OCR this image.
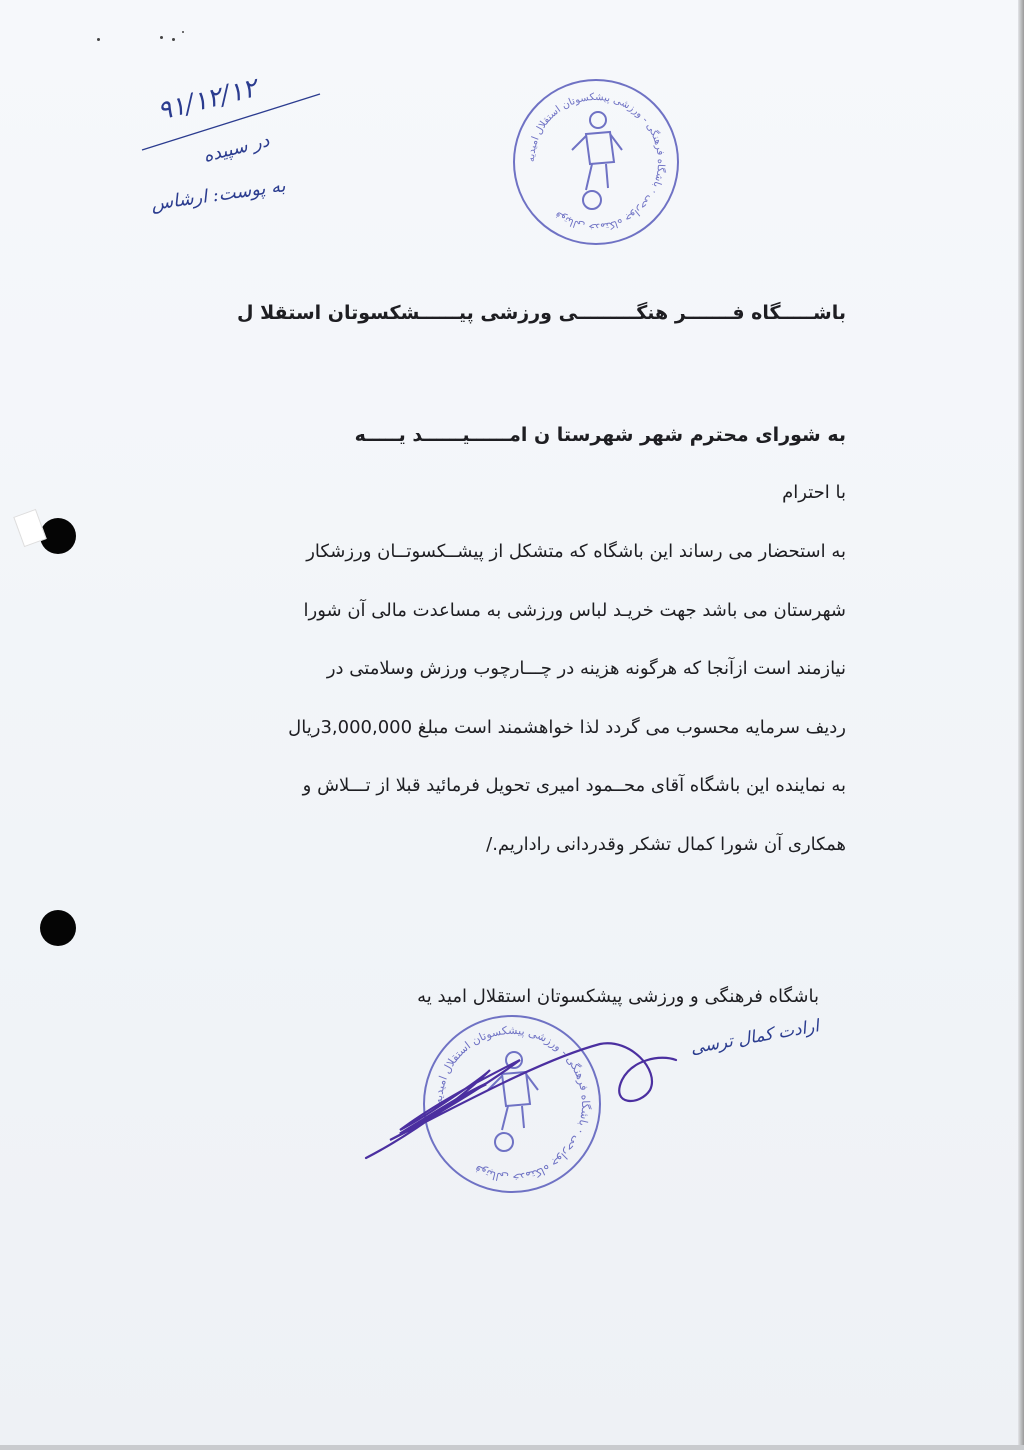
۹۱/۱۲/۱۲
در سپیده
به پوست: ارشاس
فوتبالی خدمتکاه جوارحی · باشگاه فرهنگی - ورزشی پیشکسوتان استقلال امیدیه
باشـــــگاه فـــــــر هنگـــــــــی ورزشی پیــــــشکسوتان استقلا ل
به شورای محترم شهر شهرستا ن امــــــیــــــد یـــــه
با احترام
به استحضار می رساند این باشگاه که متشکل از پیشــکسوتــان ورزشکار
شهرستان می باشد جهت خریـد لباس ورزشی به مساعدت مالی آن شورا
نیازمند است ازآنجا که هرگونه هزینه در چـــارچوب ورزش وسلامتی در
ردیف سرمایه محسوب می گردد لذا خواهشمند است مبلغ 3,000,000ریال
به نماینده این باشگاه آقای محــمود امیری تحویل فرمائید قبلا از تـــلاش و
همکاری آن شورا کمال تشکر وقدردانی راداریم./
باشگاه فرهنگی و ورزشی پیشکسوتان استقلال امید یه
فوتبالی خدمتکاه جوارحی · باشگاه فرهنگی - ورزشی پیشکسوتان استقلال امیدیه
ارادت کمال ترسی
